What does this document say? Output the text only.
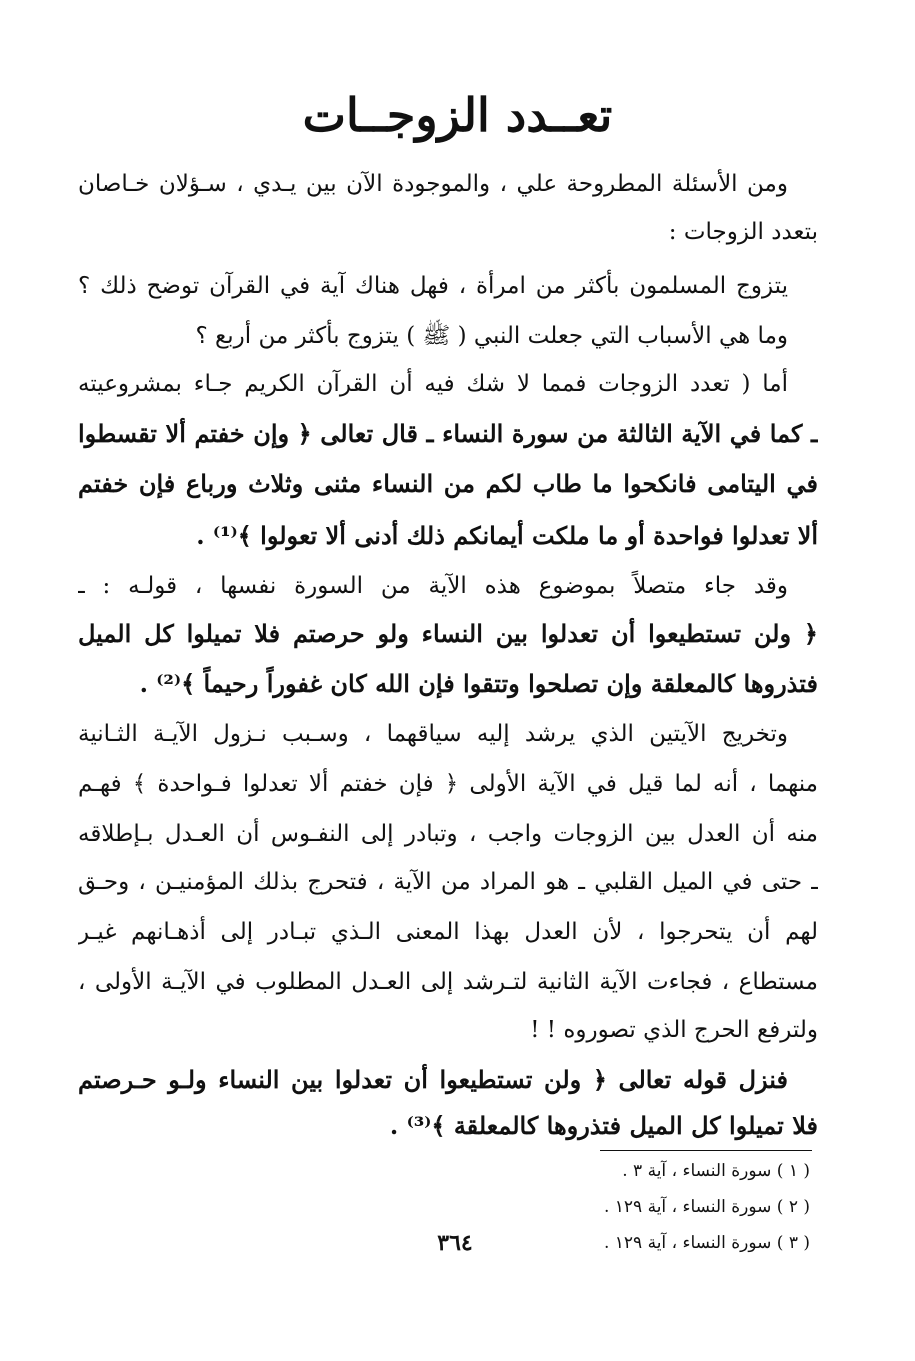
تعــدد الزوجــات
ومن الأسئلة المطروحة علي ، والموجودة الآن بين يـدي ، سـؤلان خـاصان
بتعدد الزوجات :
يتزوج المسلمون بأكثر من امرأة ، فهل هناك آية في القرآن توضح ذلك ؟
وما هي الأسباب التي جعلت النبي ( ﷺ ) يتزوج بأكثر من أربع ؟
أما ( تعدد الزوجات فمما لا شك فيه أن القرآن الكريم جـاء بمشروعيته
ـ كما في الآية الثالثة من سورة النساء ـ قال تعالى ﴿ وإن خفتم ألا تقسطوا
في اليتامى فانكحوا ما طاب لكم من النساء مثنى وثلاث ورباع فإن خفتم
ألا تعدلوا فواحدة أو ما ملكت أيمانكم ذلك أدنى ألا تعولوا ﴾⁽¹⁾ .
وقد جاء متصلاً بموضوع هذه الآية من السورة نفسها ، قولـه : ـ
﴿ ولن تستطيعوا أن تعدلوا بين النساء ولو حرصتم فلا تميلوا كل الميل
فتذروها كالمعلقة وإن تصلحوا وتتقوا فإن الله كان غفوراً رحيماً ﴾⁽²⁾ .
وتخريج الآيتين الذي يرشد إليه سياقهما ، وسـبب نـزول الآيـة الثـانية
منهما ، أنه لما قيل في الآية الأولى ﴿ فإن خفتم ألا تعدلوا فـواحدة ﴾ فهـم
منه أن العدل بين الزوجات واجب ، وتبادر إلى النفـوس أن العـدل بـإطلاقه
ـ حتى في الميل القلبي ـ هو المراد من الآية ، فتحرج بذلك المؤمنيـن ، وحـق
لهم أن يتحرجوا ، لأن العدل بهذا المعنى الـذي تبـادر إلى أذهـانهم غيـر
مستطاع ، فجاءت الآية الثانية لتـرشد إلى العـدل المطلوب في الآيـة الأولى ،
ولترفع الحرج الذي تصوروه ! !
فنزل قوله تعالى ﴿ ولن تستطيعوا أن تعدلوا بين النساء ولـو حـرصتم
فلا تميلوا كل الميل فتذروها كالمعلقة ﴾⁽³⁾ .
( ١ ) سورة النساء ، آية ٣ .
( ٢ ) سورة النساء ، آية ١٢٩ .
( ٣ ) سورة النساء ، آية ١٢٩ .
٣٦٤
